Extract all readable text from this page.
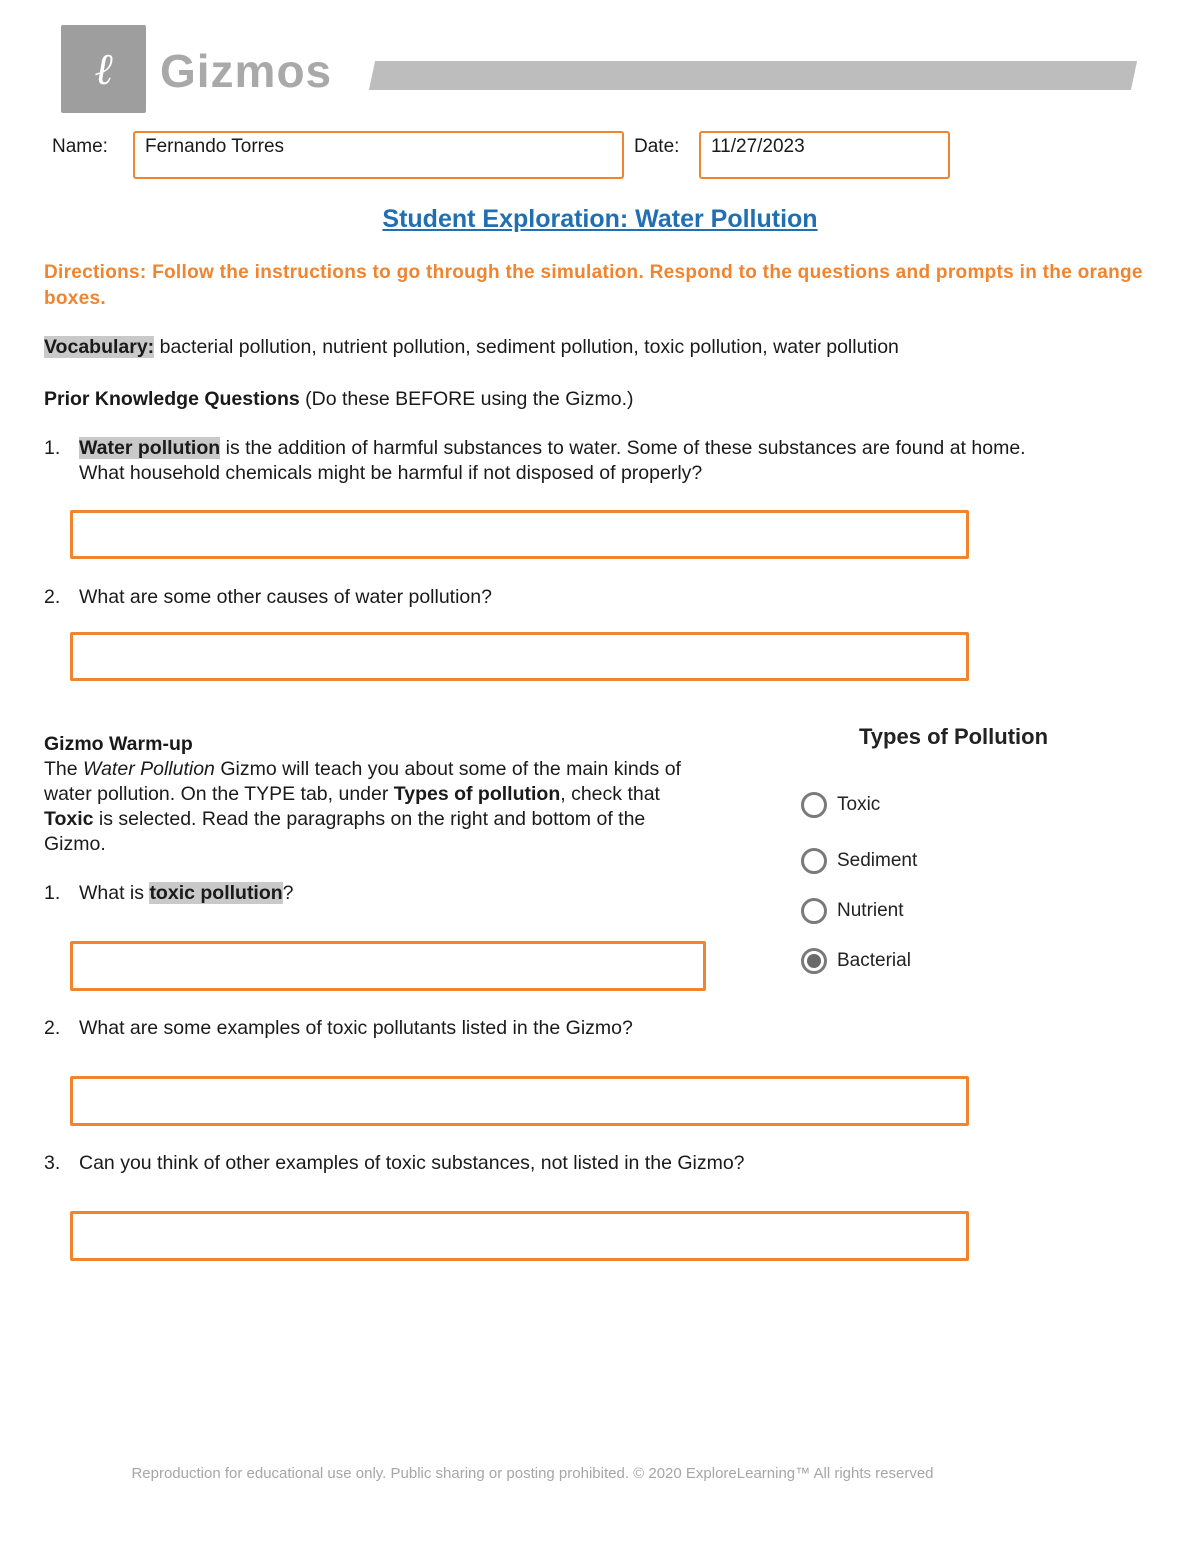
ℓ	Gizmos
Name:	Fernando Torres	Date:	11/27/2023
Student Exploration: Water Pollution
Directions: Follow the instructions to go through the simulation. Respond to the questions and prompts in the orange boxes.
Vocabulary: bacterial pollution, nutrient pollution, sediment pollution, toxic pollution, water pollution
Prior Knowledge Questions (Do these BEFORE using the Gizmo.)
1. Water pollution is the addition of harmful substances to water. Some of these substances are found at home.
What household chemicals might be harmful if not disposed of properly?
2. What are some other causes of water pollution?
Gizmo Warm-up
The Water Pollution Gizmo will teach you about some of the main kinds of
water pollution. On the TYPE tab, under Types of pollution, check that
Toxic is selected. Read the paragraphs on the right and bottom of the
Gizmo.
Types of Pollution
Toxic
Sediment
Nutrient
Bacterial
1. What is toxic pollution?
2. What are some examples of toxic pollutants listed in the Gizmo?
3. Can you think of other examples of toxic substances, not listed in the Gizmo?
Reproduction for educational use only. Public sharing or posting prohibited. © 2020 ExploreLearning™ All rights reserved
